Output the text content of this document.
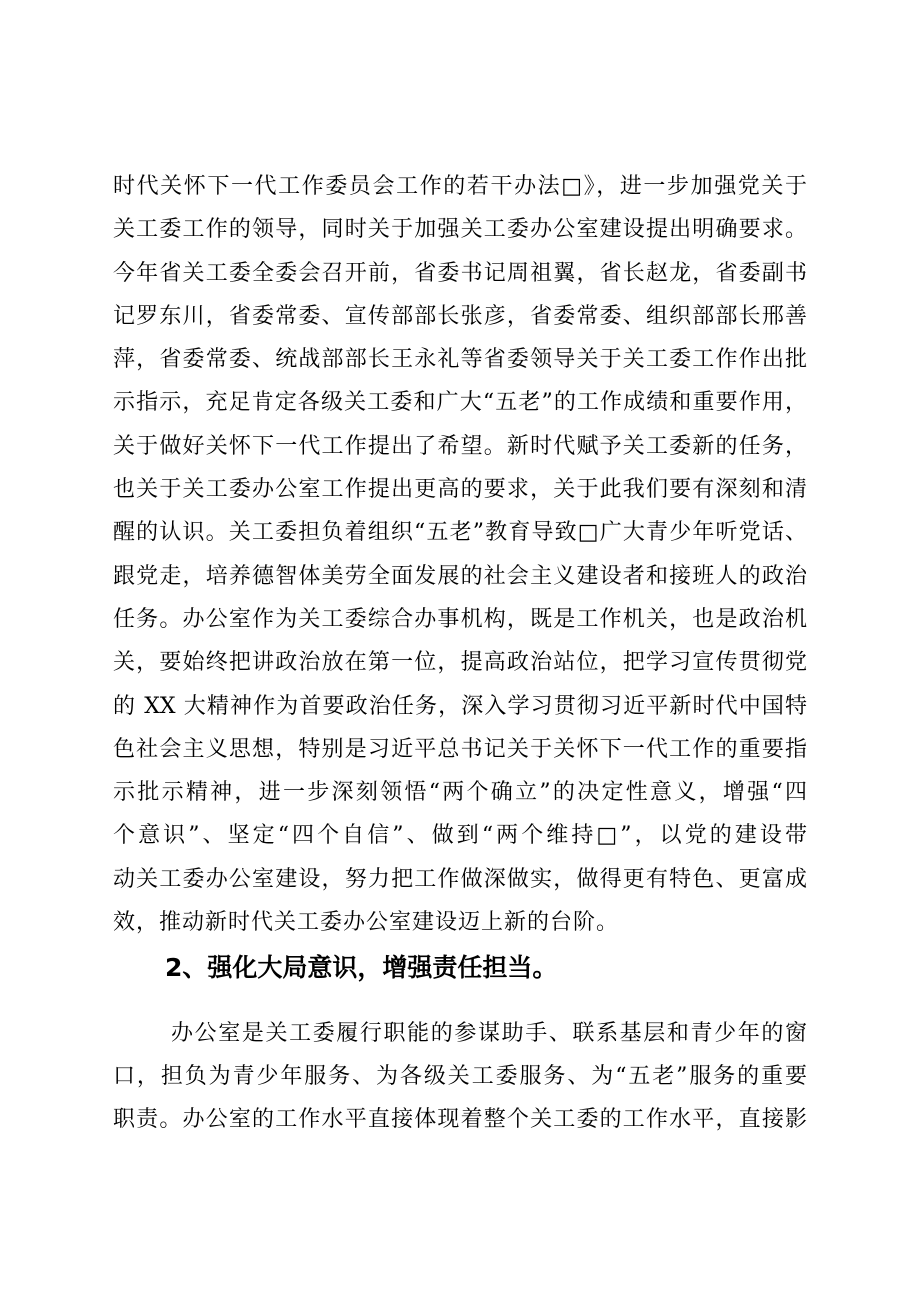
时代关怀下一代工作委员会工作的若干办法□》，进一步加强党关于
关工委工作的领导，同时关于加强关工委办公室建设提出明确要求。
今年省关工委全委会召开前，省委书记周祖翼，省长赵龙，省委副书
记罗东川，省委常委、宣传部部长张彦，省委常委、组织部部长邢善
萍，省委常委、统战部部长王永礼等省委领导关于关工委工作作出批
示指示，充足肯定各级关工委和广大“五老”的工作成绩和重要作用，
关于做好关怀下一代工作提出了希望。新时代赋予关工委新的任务，
也关于关工委办公室工作提出更高的要求，关于此我们要有深刻和清
醒的认识。关工委担负着组织“五老”教育导致□广大青少年听党话、
跟党走，培养德智体美劳全面发展的社会主义建设者和接班人的政治
任务。办公室作为关工委综合办事机构，既是工作机关，也是政治机
关，要始终把讲政治放在第一位，提高政治站位，把学习宣传贯彻党
的 XX 大精神作为首要政治任务，深入学习贯彻习近平新时代中国特
色社会主义思想，特别是习近平总书记关于关怀下一代工作的重要指
示批示精神，进一步深刻领悟“两个确立”的决定性意义，增强“四
个意识”、坚定“四个自信”、做到“两个维持□”，以党的建设带
动关工委办公室建设，努力把工作做深做实，做得更有特色、更富成
效，推动新时代关工委办公室建设迈上新的台阶。
2、强化大局意识，增强责任担当。
办公室是关工委履行职能的参谋助手、联系基层和青少年的窗
口，担负为青少年服务、为各级关工委服务、为“五老”服务的重要
职责。办公室的工作水平直接体现着整个关工委的工作水平，直接影
